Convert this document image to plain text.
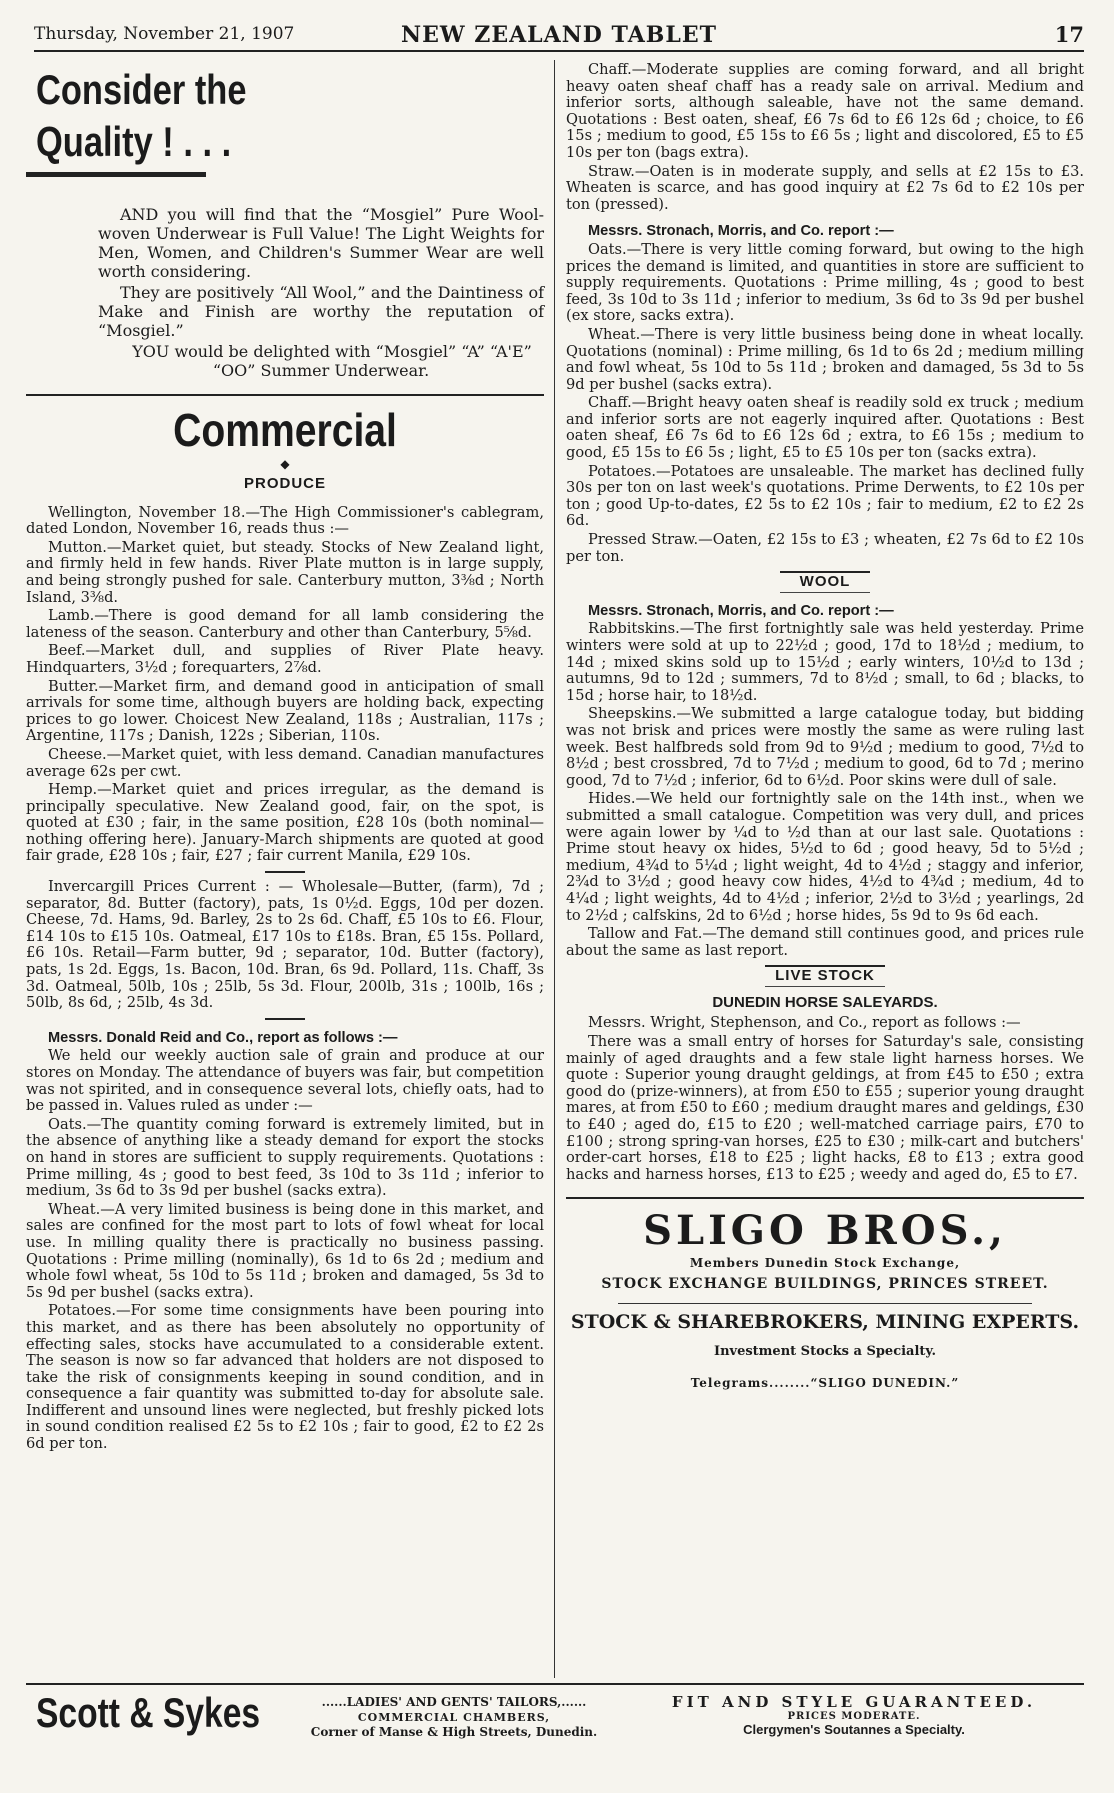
Thursday, November 21, 1907	NEW ZEALAND TABLET	17
Consider the
Quality ! . . .

AND you will find that the “Mosgiel” Pure Wool-woven Underwear is Full Value! The Light Weights for Men, Women, and Children's Summer Wear are well worth considering.

They are positively “All Wool,” and the Daintiness of Make and Finish are worthy the reputation of “Mosgiel.”

YOU would be delighted with “Mosgiel” “A” “A'E” “OO” Summer Underwear.

Commercial
◆
PRODUCE

Wellington, November 18.—The High Commissioner's cablegram, dated London, November 16, reads thus :—

Mutton.—Market quiet, but steady. Stocks of New Zealand light, and firmly held in few hands. River Plate mutton is in large supply, and being strongly pushed for sale. Canterbury mutton, 3⅜d ; North Island, 3⅜d.

Lamb.—There is good demand for all lamb considering the lateness of the season. Canterbury and other than Canterbury, 5⅝d.

Beef.—Market dull, and supplies of River Plate heavy. Hindquarters, 3½d ; forequarters, 2⅞d.

Butter.—Market firm, and demand good in anticipation of small arrivals for some time, although buyers are holding back, expecting prices to go lower. Choicest New Zealand, 118s ; Australian, 117s ; Argentine, 117s ; Danish, 122s ; Siberian, 110s.

Cheese.—Market quiet, with less demand. Canadian manufactures average 62s per cwt.

Hemp.—Market quiet and prices irregular, as the demand is principally speculative. New Zealand good, fair, on the spot, is quoted at £30 ; fair, in the same position, £28 10s (both nominal—nothing offering here). January-March shipments are quoted at good fair grade, £28 10s ; fair, £27 ; fair current Manila, £29 10s.

Invercargill Prices Current : — Wholesale—Butter, (farm), 7d ; separator, 8d. Butter (factory), pats, 1s 0½d. Eggs, 10d per dozen. Cheese, 7d. Hams, 9d. Barley, 2s to 2s 6d. Chaff, £5 10s to £6. Flour, £14 10s to £15 10s. Oatmeal, £17 10s to £18s. Bran, £5 15s. Pollard, £6 10s. Retail—Farm butter, 9d ; separator, 10d. Butter (factory), pats, 1s 2d. Eggs, 1s. Bacon, 10d. Bran, 6s 9d. Pollard, 11s. Chaff, 3s 3d. Oatmeal, 50lb, 10s ; 25lb, 5s 3d. Flour, 200lb, 31s ; 100lb, 16s ; 50lb, 8s 6d, ; 25lb, 4s 3d.

Messrs. Donald Reid and Co., report as follows :—

We held our weekly auction sale of grain and produce at our stores on Monday. The attendance of buyers was fair, but competition was not spirited, and in consequence several lots, chiefly oats, had to be passed in. Values ruled as under :—

Oats.—The quantity coming forward is extremely limited, but in the absence of anything like a steady demand for export the stocks on hand in stores are sufficient to supply requirements. Quotations : Prime milling, 4s ; good to best feed, 3s 10d to 3s 11d ; inferior to medium, 3s 6d to 3s 9d per bushel (sacks extra).

Wheat.—A very limited business is being done in this market, and sales are confined for the most part to lots of fowl wheat for local use. In milling quality there is practically no business passing. Quotations : Prime milling (nominally), 6s 1d to 6s 2d ; medium and whole fowl wheat, 5s 10d to 5s 11d ; broken and damaged, 5s 3d to 5s 9d per bushel (sacks extra).

Potatoes.—For some time consignments have been pouring into this market, and as there has been absolutely no opportunity of effecting sales, stocks have accumulated to a considerable extent. The season is now so far advanced that holders are not disposed to take the risk of consignments keeping in sound condition, and in consequence a fair quantity was submitted to-day for absolute sale. Indifferent and unsound lines were neglected, but freshly picked lots in sound condition realised £2 5s to £2 10s ; fair to good, £2 to £2 2s 6d per ton.

Chaff.—Moderate supplies are coming forward, and all bright heavy oaten sheaf chaff has a ready sale on arrival. Medium and inferior sorts, although saleable, have not the same demand. Quotations : Best oaten, sheaf, £6 7s 6d to £6 12s 6d ; choice, to £6 15s ; medium to good, £5 15s to £6 5s ; light and discolored, £5 to £5 10s per ton (bags extra).

Straw.—Oaten is in moderate supply, and sells at £2 15s to £3. Wheaten is scarce, and has good inquiry at £2 7s 6d to £2 10s per ton (pressed).

Messrs. Stronach, Morris, and Co. report :—

Oats.—There is very little coming forward, but owing to the high prices the demand is limited, and quantities in store are sufficient to supply requirements. Quotations : Prime milling, 4s ; good to best feed, 3s 10d to 3s 11d ; inferior to medium, 3s 6d to 3s 9d per bushel (ex store, sacks extra).

Wheat.—There is very little business being done in wheat locally. Quotations (nominal) : Prime milling, 6s 1d to 6s 2d ; medium milling and fowl wheat, 5s 10d to 5s 11d ; broken and damaged, 5s 3d to 5s 9d per bushel (sacks extra).

Chaff.—Bright heavy oaten sheaf is readily sold ex truck ; medium and inferior sorts are not eagerly inquired after. Quotations : Best oaten sheaf, £6 7s 6d to £6 12s 6d ; extra, to £6 15s ; medium to good, £5 15s to £6 5s ; light, £5 to £5 10s per ton (sacks extra).

Potatoes.—Potatoes are unsaleable. The market has declined fully 30s per ton on last week's quotations. Prime Derwents, to £2 10s per ton ; good Up-to-dates, £2 5s to £2 10s ; fair to medium, £2 to £2 2s 6d.

Pressed Straw.—Oaten, £2 15s to £3 ; wheaten, £2 7s 6d to £2 10s per ton.

WOOL
Messrs. Stronach, Morris, and Co. report :—

Rabbitskins.—The first fortnightly sale was held yesterday. Prime winters were sold at up to 22½d ; good, 17d to 18½d ; medium, to 14d ; mixed skins sold up to 15½d ; early winters, 10½d to 13d ; autumns, 9d to 12d ; summers, 7d to 8½d ; small, to 6d ; blacks, to 15d ; horse hair, to 18½d.

Sheepskins.—We submitted a large catalogue today, but bidding was not brisk and prices were mostly the same as were ruling last week. Best halfbreds sold from 9d to 9½d ; medium to good, 7½d to 8½d ; best crossbred, 7d to 7½d ; medium to good, 6d to 7d ; merino good, 7d to 7½d ; inferior, 6d to 6½d. Poor skins were dull of sale.

Hides.—We held our fortnightly sale on the 14th inst., when we submitted a small catalogue. Competition was very dull, and prices were again lower by ¼d to ½d than at our last sale. Quotations : Prime stout heavy ox hides, 5½d to 6d ; good heavy, 5d to 5½d ; medium, 4¾d to 5¼d ; light weight, 4d to 4½d ; staggy and inferior, 2¾d to 3½d ; good heavy cow hides, 4½d to 4¾d ; medium, 4d to 4¼d ; light weights, 4d to 4½d ; inferior, 2½d to 3½d ; yearlings, 2d to 2½d ; calfskins, 2d to 6½d ; horse hides, 5s 9d to 9s 6d each.

Tallow and Fat.—The demand still continues good, and prices rule about the same as last report.

LIVE STOCK
DUNEDIN HORSE SALEYARDS.

Messrs. Wright, Stephenson, and Co., report as follows :—

There was a small entry of horses for Saturday's sale, consisting mainly of aged draughts and a few stale light harness horses. We quote : Superior young draught geldings, at from £45 to £50 ; extra good do (prize-winners), at from £50 to £55 ; superior young draught mares, at from £50 to £60 ; medium draught mares and geldings, £30 to £40 ; aged do, £15 to £20 ; well-matched carriage pairs, £70 to £100 ; strong spring-van horses, £25 to £30 ; milk-cart and butchers' order-cart horses, £18 to £25 ; light hacks, £8 to £13 ; extra good hacks and harness horses, £13 to £25 ; weedy and aged do, £5 to £7.

SLIGO BROS.,
Members Dunedin Stock Exchange,
STOCK EXCHANGE BUILDINGS, PRINCES STREET.
STOCK & SHAREBROKERS, MINING EXPERTS.
Investment Stocks a Specialty.
Telegrams........“SLIGO DUNEDIN.”
Scott & Sykes	......LADIES' AND GENTS' TAILORS,......
COMMERCIAL CHAMBERS,
Corner of Manse & High Streets, Dunedin.
FIT AND STYLE GUARANTEED.
PRICES MODERATE.
Clergymen's Soutannes a Specialty.
